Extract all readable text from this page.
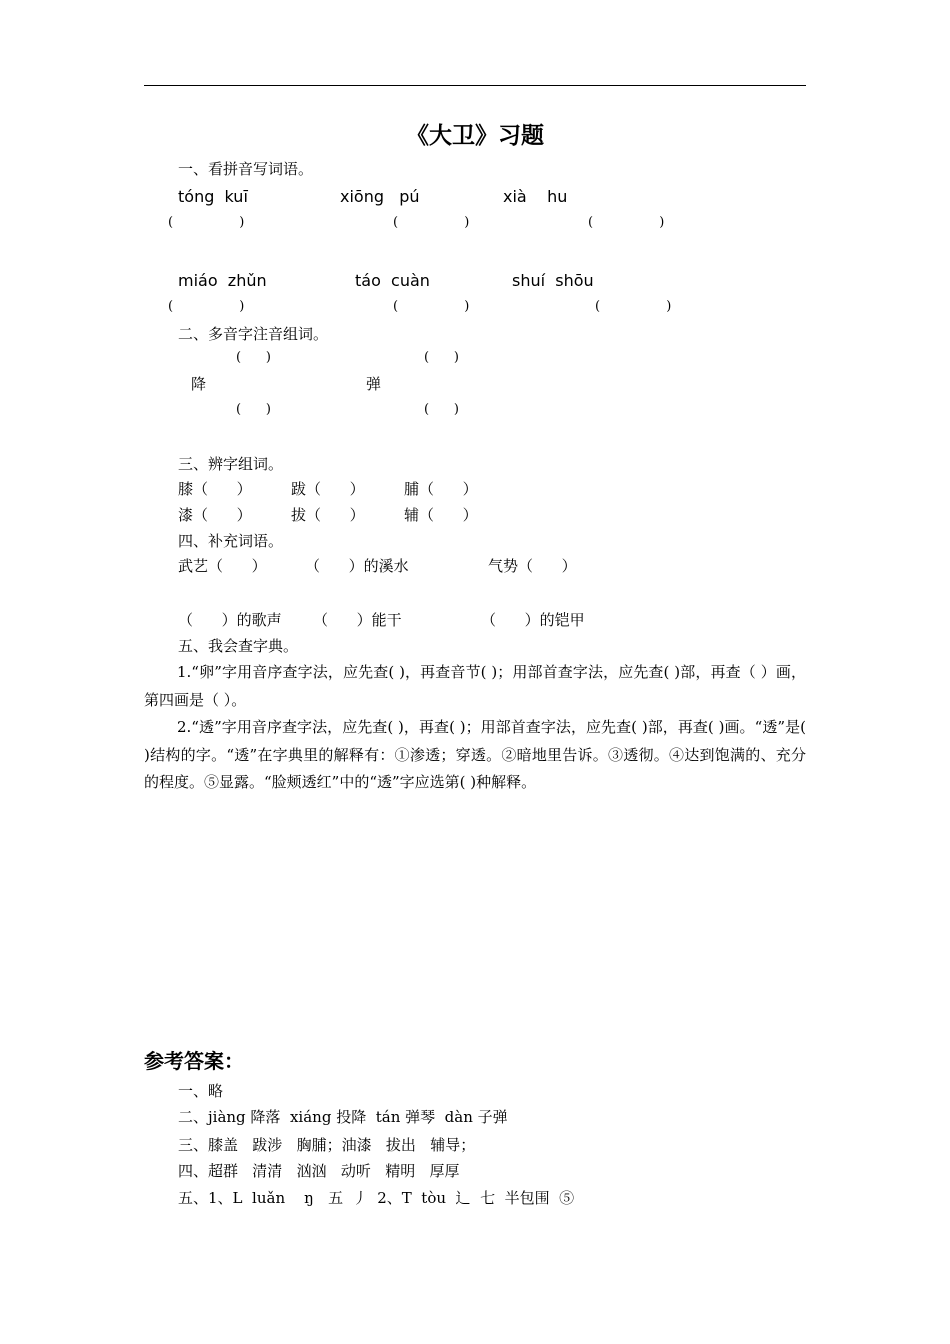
《大卫》习题
一、看拼音写词语。
tóng  kuī	xiōng   pú	xià    hu
(                )	(                )	(                )
miáo  zhǔn	táo  cuàn	shuí  shōu
(                )	(                )	(                )
二、多音字注音组词。
(      )	(      )
降	弹
(      )	(      )
三、辨字组词。
膝（      ）	跋（      ）	脯（      ）
漆（      ）	拔（      ）	辅（      ）
四、补充词语。
武艺（      ）	（      ）的溪水	气势（      ）
（      ）的歌声 （      ）能干	（      ）的铠甲
五、我会查字典。
1.“卵”字用音序查字法，应先查( )，再查音节( )；用部首查字法，应先查( )部，再查（ ）画，第四画是（ ）。
2.“透”字用音序查字法，应先查( )，再查( )；用部首查字法，应先查( )部，再查( )画。“透”是( )结构的字。“透”在字典里的解释有：①渗透；穿透。②暗地里告诉。③透彻。④达到饱满的、充分的程度。⑤显露。“脸颊透红”中的“透”字应选第( )种解释。
参考答案：
一、略
二、jiàng 降落  xiáng 投降  tán 弹琴  dàn 子弹
三、膝盖   跋涉   胸脯；油漆   拔出   辅导；
四、超群   清清   汹汹   动听   精明   厚厚
五、1、L  luǎn    ‭ŋ‬   五  丿  2、T  tòu  辶  七  半包围  ⑤
